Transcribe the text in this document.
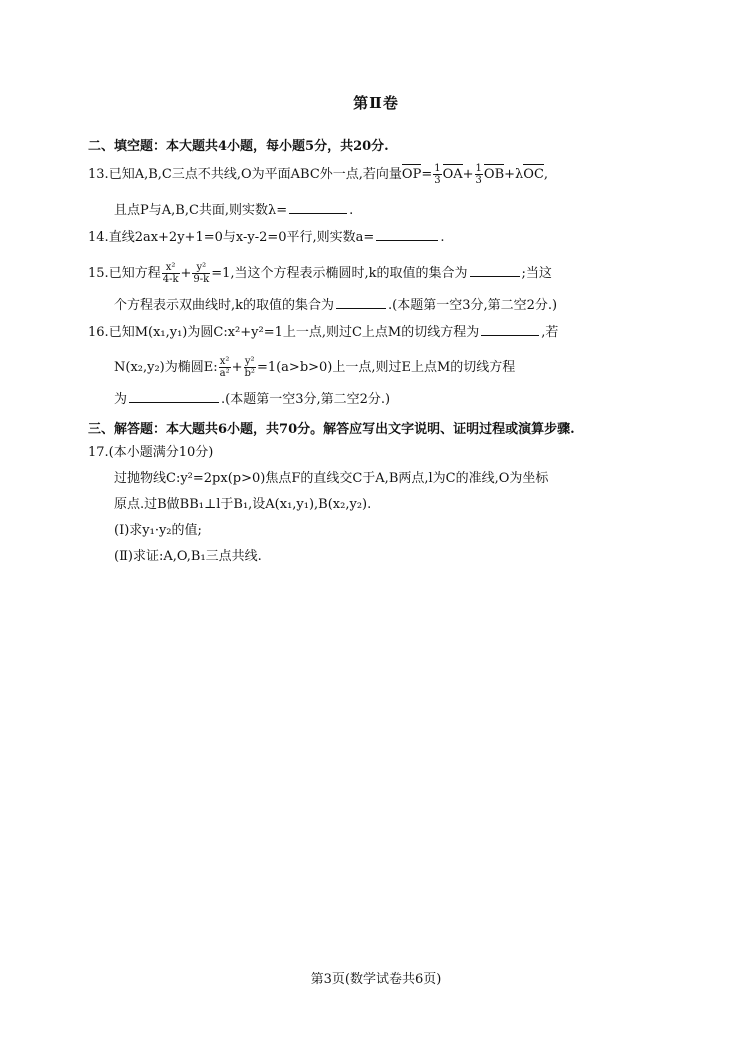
第Ⅱ卷
二、填空题：本大题共4小题，每小题5分，共20分.
13.已知A,B,C三点不共线,O为平面ABC外一点,若向量$OP= \frac{1}{3} OA+ \frac{1}{3} OB+\lambda OC$,
且点P与A,B,C共面,则实数λ=	.
14.直线2ax+2y+1=0与x-y-2=0平行,则实数a=	.
15.已知方程 $\frac{\text{x²}}{4-k} + \frac{\text{y²}}{9-k} =1$,当这个方程表示椭圆时,k的取值的集合为	;当这
个方程表示双曲线时,k的取值的集合为	.(本题第一空3分,第二空2分.)
16.已知M(x₁,y₁)为圆C:x²+y²=1上一点,则过C上点M的切线方程为	,若
N(x₂,y₂)为椭圆E: $\frac{\text{x²}}{\text{a²}} + \frac{\text{y²}}{\text{b²}} =1(a>b>0)$上一点,则过E上点M的切线方程
为	.(本题第一空3分,第二空2分.)
三、解答题：本大题共6小题，共70分。解答应写出文字说明、证明过程或演算步骤.
17.(本小题满分10分)
过抛物线C:y²=2px(p>0)焦点F的直线交C于A,B两点,l为C的准线,O为坐标
原点.过B做BB₁⊥l于B₁,设A(x₁,y₁),B(x₂,y₂).
(Ⅰ)求y₁·y₂的值;
(Ⅱ)求证:A,O,B₁三点共线.
第3页(数学试卷共6页)
